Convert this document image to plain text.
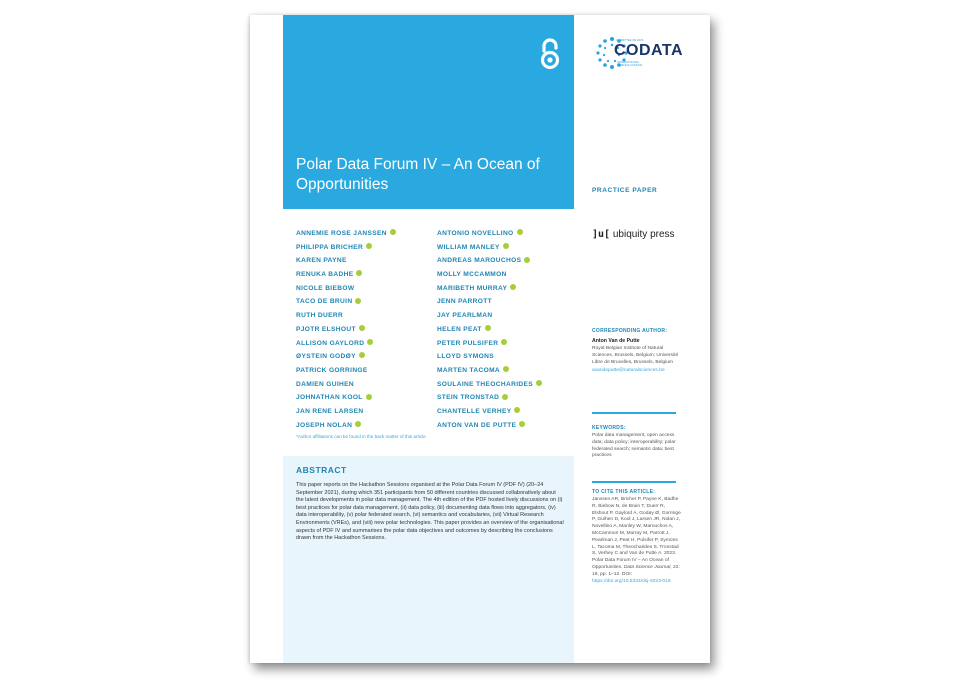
Polar Data Forum IV – An Ocean of Opportunities
COMMITTEE ON DATA
CODATA
INTERNATIONAL
SCIENCE COUNCIL
PRACTICE PAPER
]u[ ubiquity press
ANNEMIE ROSE JANSSEN
PHILIPPA BRICHER
KAREN PAYNE
RENUKA BADHE
NICOLE BIEBOW
TACO DE BRUIN
RUTH DUERR
PJOTR ELSHOUT
ALLISON GAYLORD
ØYSTEIN GODØY
PATRICK GORRINGE
DAMIEN GUIHEN
JOHNATHAN KOOL
JAN RENE LARSEN
JOSEPH NOLAN
ANTONIO NOVELLINO
WILLIAM MANLEY
ANDREAS MAROUCHOS
MOLLY MCCAMMON
MARIBETH MURRAY
JENN PARROTT
JAY PEARLMAN
HELEN PEAT
PETER PULSIFER
LLOYD SYMONS
MARTEN TACOMA
SOULAINE THEOCHARIDES
STEIN TRONSTAD
CHANTELLE VERHEY
ANTON VAN DE PUTTE
*Author affiliations can be found in the back matter of this article
ABSTRACT
This paper reports on the Hackathon Sessions organised at the Polar Data Forum IV (PDF IV) (20–24 September 2021), during which 351 participants from 50 different countries discussed collaboratively about the latest developments in polar data management. The 4th edition of the PDF hosted lively discussions on (i) best practices for polar data management, (ii) data policy, (iii) documenting data flows into aggregators, (iv) data interoperability, (v) polar federated search, (vi) semantics and vocabularies, (vii) Virtual Research Environments (VREs), and (viii) new polar technologies. This paper provides an overview of the organisational aspects of PDF IV and summarises the polar data objectives and outcomes by describing the conclusions drawn from the Hackathon Sessions.
CORRESPONDING AUTHOR:
Anton Van de Putte
Royal Belgian Institute of Natural Sciences, Brussels, Belgium; Université Libre de Bruxelles, Brussels, Belgium
avandeputte@naturalsciences.be
KEYWORDS:
Polar data management; open access data; data policy; interoperability; polar federated search; semantic data; best practices
TO CITE THIS ARTICLE:
Janssen AR, Bricher P, Payne K, Badhe R, Biebow N, de Bruin T, Duerr R, Elshout P, Gaylord A, Godøy Ø, Gorringe P, Guihen D, Kool J, Larsen JR, Nolan J, Novellino A, Manley W, Marouchos A, McCammon M, Murray M, Parrott J, Pearlman J, Peat H, Pulsifer P, Symons L, Tacoma M, Theocharides S, Tronstad S, Verhey C and Van de Putte A. 2023. Polar Data Forum IV – An Ocean of Opportunities. Data Science Journal, 22: 18, pp. 1–12. DOI: https://doi.org/10.5334/dsj-2023-018
